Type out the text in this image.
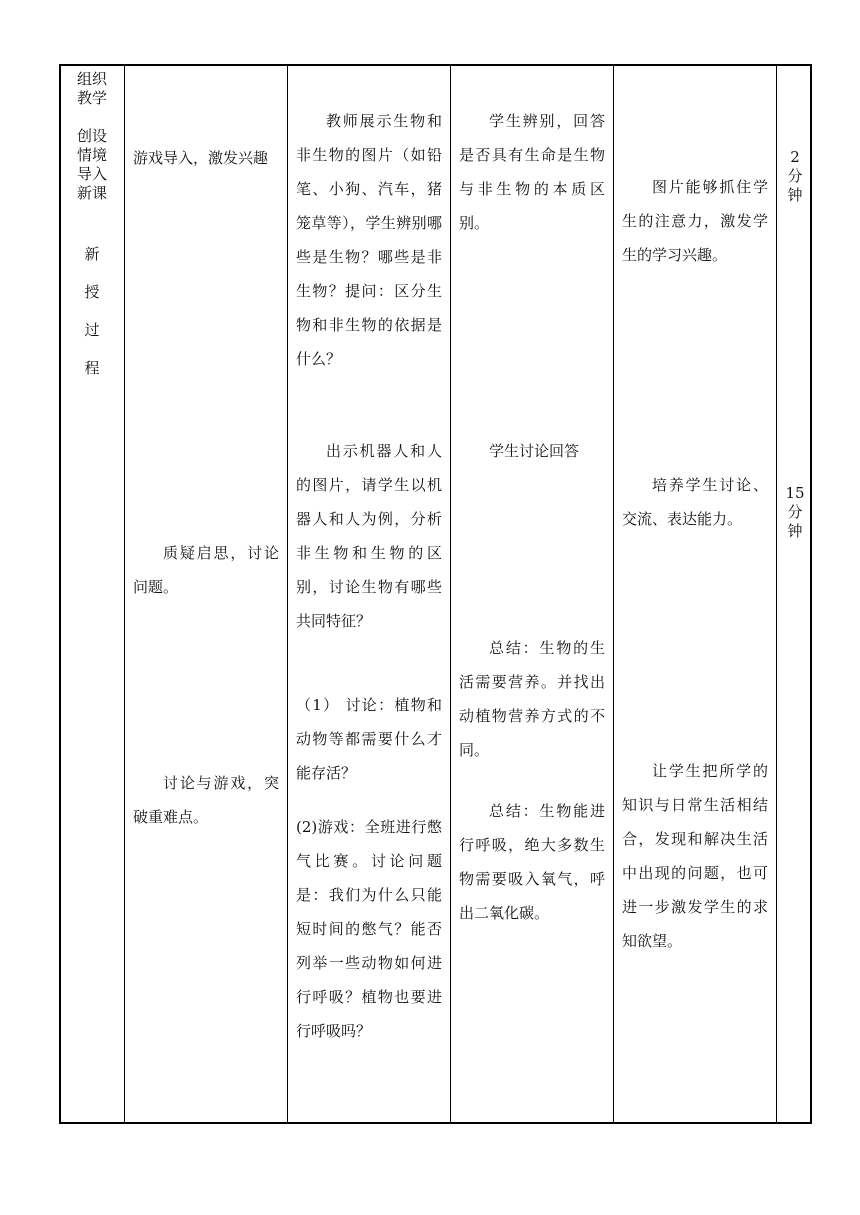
组织

教学

创设

情境

导入

新课

新
授
过
程

游戏导入，激发兴趣

质疑启思，讨论问题。

讨论与游戏，突破重难点。

教师展示生物和非生物的图片（如铅笔、小狗、汽车，猪笼草等），学生辨别哪些是生物？哪些是非生物？提问：区分生物和非生物的依据是什么？

出示机器人和人的图片，请学生以机器人和人为例，分析非生物和生物的区别，讨论生物有哪些共同特征？

（1） 讨论：植物和动物等都需要什么才能存活？

(2)游戏：全班进行憋气比赛。讨论问题是：我们为什么只能短时间的憋气？能否列举一些动物如何进行呼吸？植物也要进行呼吸吗？

学生辨别，回答是否具有生命是生物与非生物的本质区别。

学生讨论回答

总结：生物的生活需要营养。并找出动植物营养方式的不同。

总结：生物能进行呼吸，绝大多数生物需要吸入氧气，呼出二氧化碳。

图片能够抓住学生的注意力，激发学生的学习兴趣。

培养学生讨论、交流、表达能力。

让学生把所学的知识与日常生活相结合，发现和解决生活中出现的问题，也可进一步激发学生的求知欲望。

2
分
钟
15
分
钟
